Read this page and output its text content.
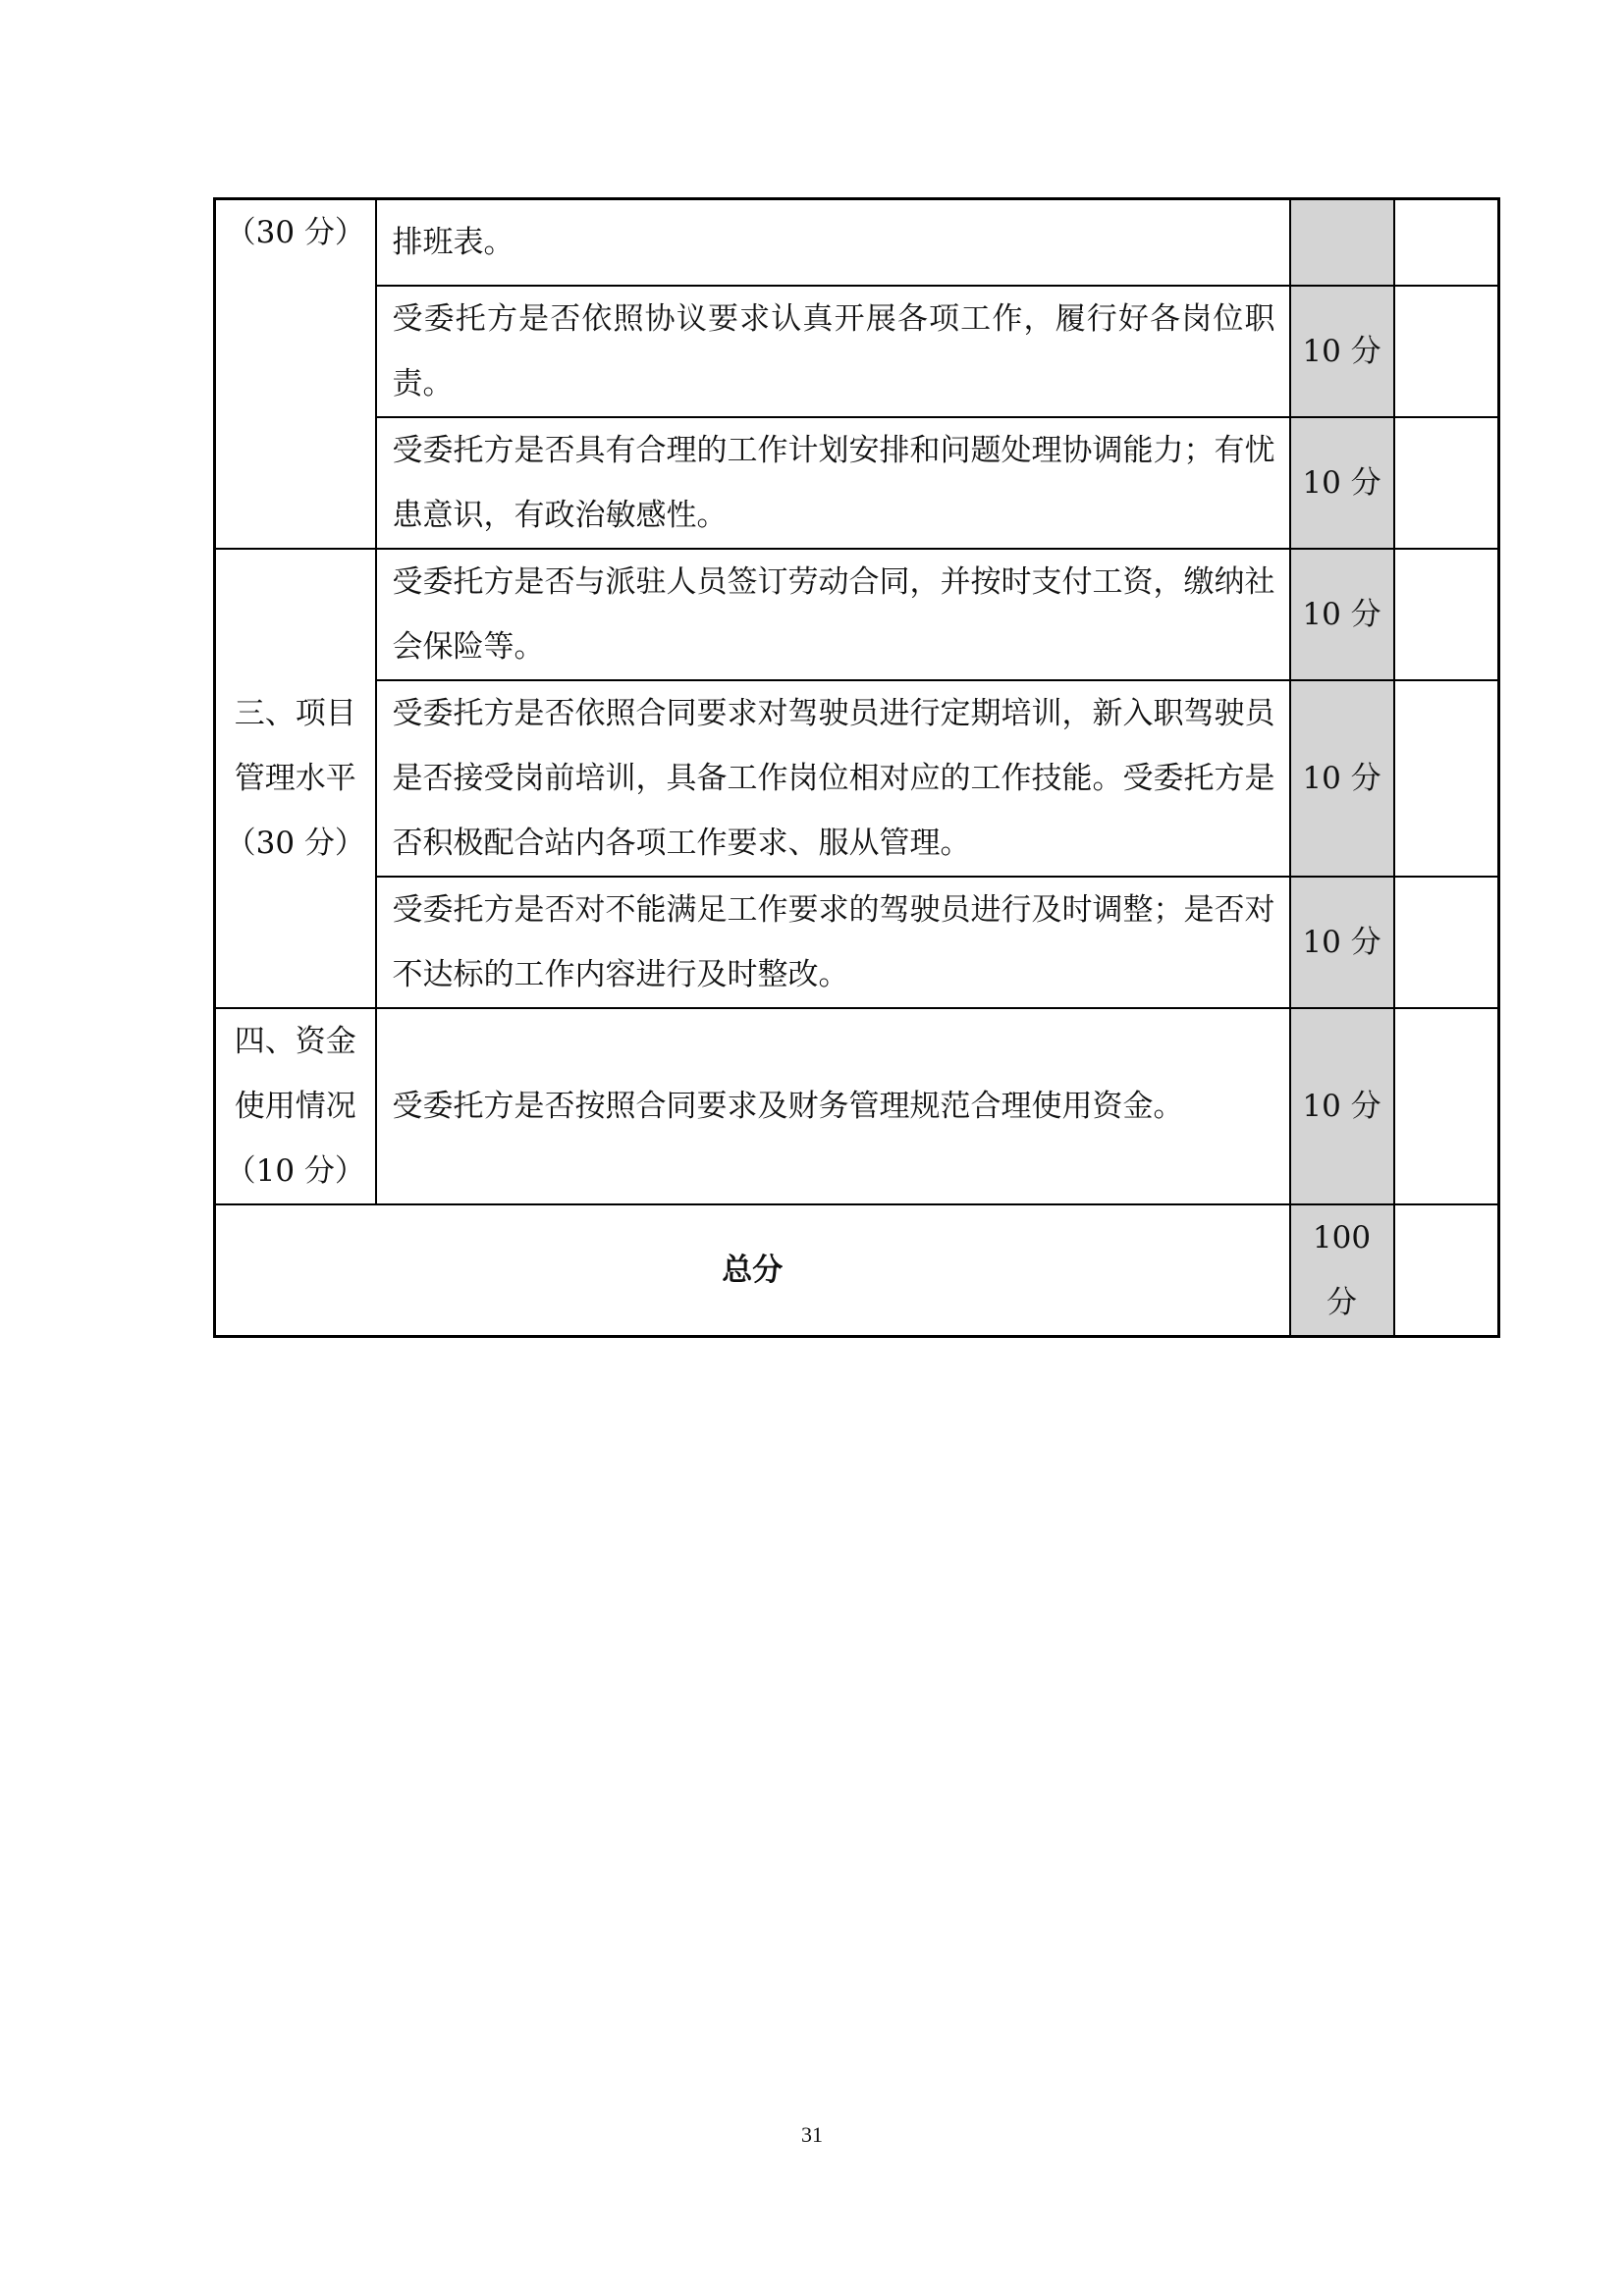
（30 分）	排班表。		
	受委托方是否依照协议要求认真开展各项工作，履行好各岗位职责。	10 分	
	受委托方是否具有合理的工作计划安排和问题处理协调能力；有忧患意识，有政治敏感性。	10 分	

三、项目
管理水平
（30 分）	受委托方是否与派驻人员签订劳动合同，并按时支付工资，缴纳社会保险等。	10 分	
	受委托方是否依照合同要求对驾驶员进行定期培训，新入职驾驶员是否接受岗前培训，具备工作岗位相对应的工作技能。受委托方是否积极配合站内各项工作要求、服从管理。	10 分	
	受委托方是否对不能满足工作要求的驾驶员进行及时调整；是否对不达标的工作内容进行及时整改。	10 分	

四、资金
使用情况
（10 分）	受委托方是否按照合同要求及财务管理规范合理使用资金。	10 分	
总分		100
分	

31
